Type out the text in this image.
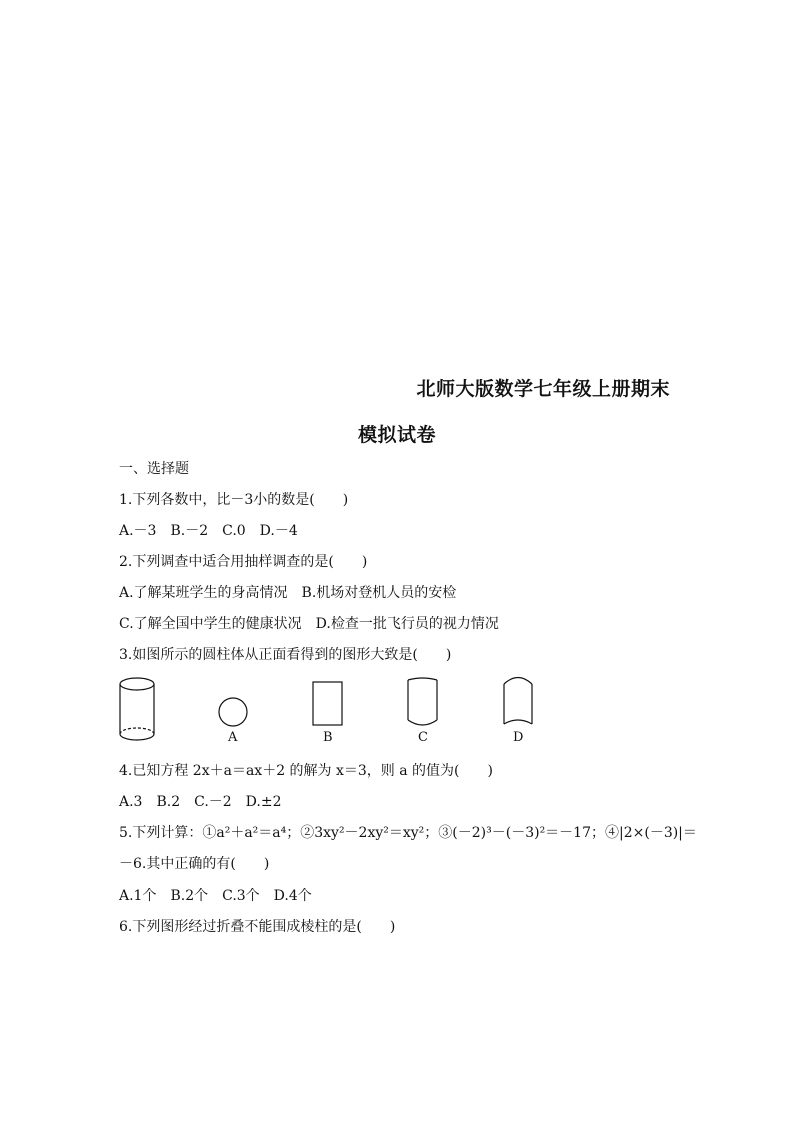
北师大版数学七年级上册期末
模拟试卷
一、选择题
1.下列各数中，比－3小的数是(　　)
A.－3　B.－2　C.0　D.－4
2.下列调查中适合用抽样调查的是(　　)
A.了解某班学生的身高情况　B.机场对登机人员的安检
C.了解全国中学生的健康状况　D.检查一批飞行员的视力情况
3.如图所示的圆柱体从正面看得到的图形大致是(　　)
A	B	C	D
4.已知方程 2x＋a＝ax＋2 的解为 x＝3，则 a 的值为(　　)
A.3　B.2　C.－2　D.±2
5.下列计算：①a²＋a²＝a⁴；②3xy²－2xy²＝xy²；③(－2)³－(－3)²＝－17；④|2×(－3)|＝
－6.其中正确的有(　　)
A.1个　B.2个　C.3个　D.4个
6.下列图形经过折叠不能围成棱柱的是(　　)
